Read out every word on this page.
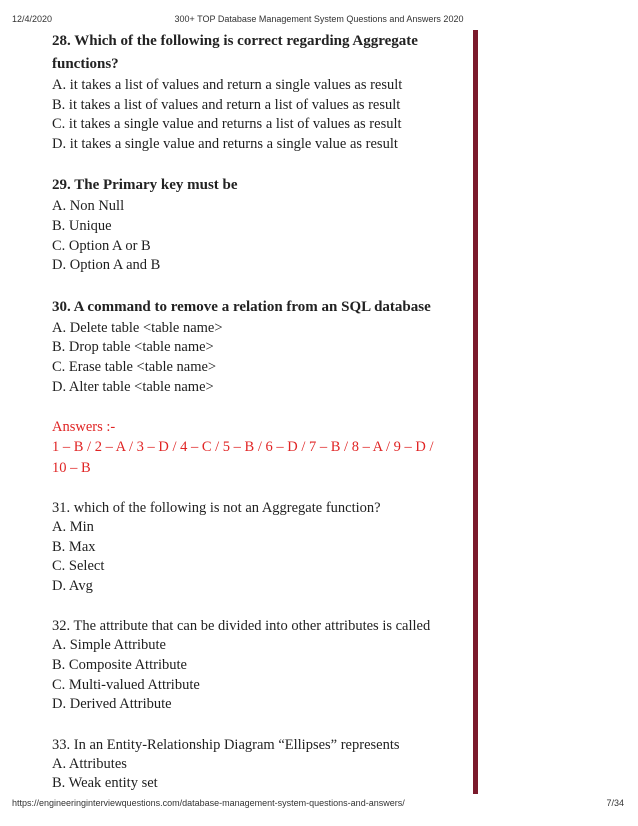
12/4/2020	300+ TOP Database Management System Questions and Answers 2020

28. Which of the following is correct regarding Aggregate functions?

A. it takes a list of values and return a single values as result

B. it takes a list of values and return a list of values as result

C. it takes a single value and returns a list of values as result

D. it takes a single value and returns a single value as result

29. The Primary key must be

A. Non Null

B. Unique

C. Option A or B

D. Option A and B

30. A command to remove a relation from an SQL database

A. Delete table <table name>

B. Drop table <table name>

C. Erase table <table name>

D. Alter table <table name>

Answers :-

1 – B / 2 – A / 3 – D / 4 – C / 5 – B / 6 – D / 7 – B / 8 – A / 9 – D /

10 – B

31. which of the following is not an Aggregate function?

A. Min

B. Max

C. Select

D. Avg

32. The attribute that can be divided into other attributes is called

A. Simple Attribute

B. Composite Attribute

C. Multi-valued Attribute

D. Derived Attribute

33. In an Entity-Relationship Diagram “Ellipses” represents

A. Attributes

B. Weak entity set

https://engineeringinterviewquestions.com/database-management-system-questions-and-answers/	7/34
